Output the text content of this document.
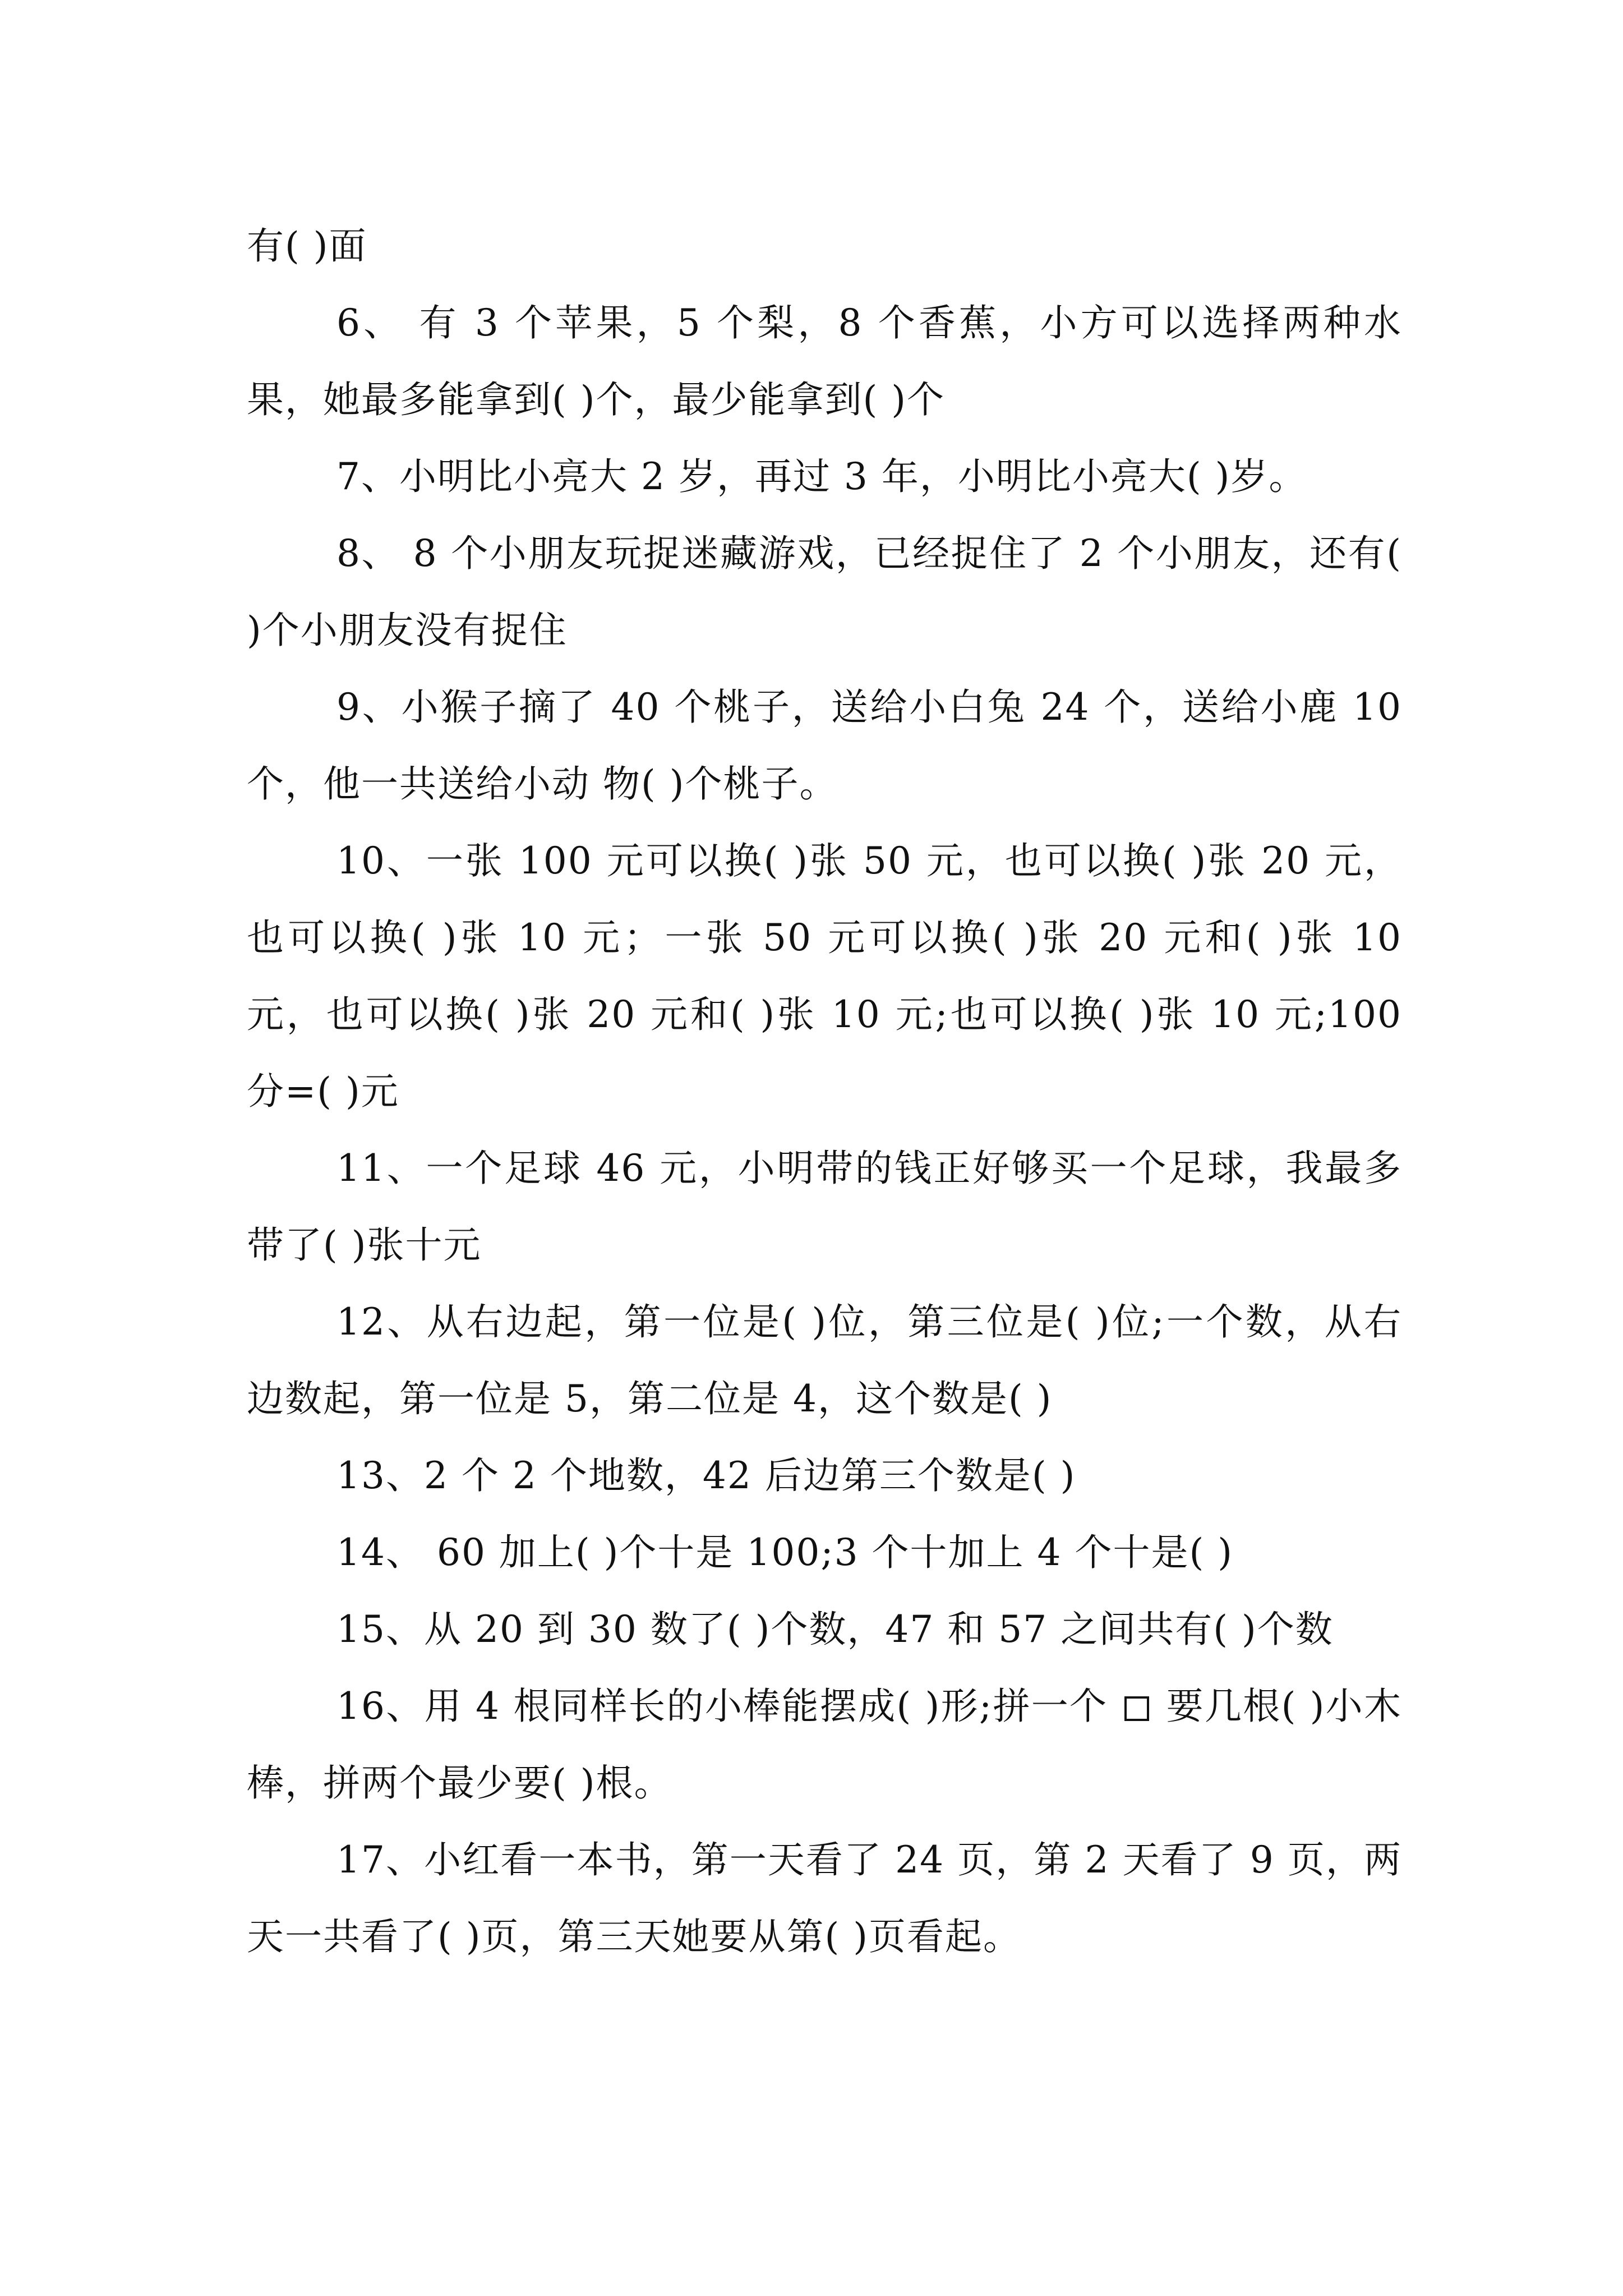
有( )面

6、 有 3 个苹果，5 个梨，8 个香蕉，小方可以选择两种水果，她最多能拿到( )个，最少能拿到( )个

7、小明比小亮大 2 岁，再过 3 年，小明比小亮大( )岁。

8、 8 个小朋友玩捉迷藏游戏，已经捉住了 2 个小朋友，还有( )个小朋友没有捉住

9、小猴子摘了 40 个桃子，送给小白兔 24 个，送给小鹿 10 个，他一共送给小动 物( )个桃子。

10、一张 100 元可以换( )张 50 元，也可以换( )张 20 元，也可以换( )张 10 元；一张 50 元可以换( )张 20 元和( )张 10 元，也可以换( )张 20 元和( )张 10 元;也可以换( )张 10 元;100 分=( )元

11、一个足球 46 元，小明带的钱正好够买一个足球，我最多带了( )张十元

12、从右边起，第一位是( )位，第三位是( )位;一个数，从右边数起，第一位是 5，第二位是 4，这个数是( )

13、2 个 2 个地数，42 后边第三个数是( )

14、 60 加上( )个十是 100;3 个十加上 4 个十是( )

15、从 20 到 30 数了( )个数，47 和 57 之间共有( )个数

16、用 4 根同样长的小棒能摆成( )形;拼一个 要几根( )小木棒，拼两个最少要( )根。

17、小红看一本书，第一天看了 24 页，第 2 天看了 9 页，两天一共看了( )页，第三天她要从第( )页看起。
